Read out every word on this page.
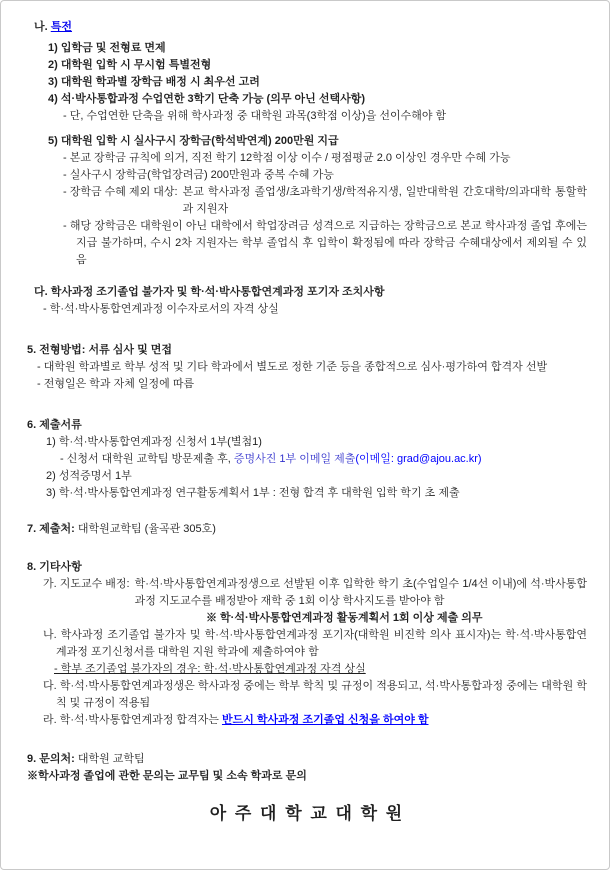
나. 특전
1) 입학금 및 전형료 면제
2) 대학원 입학 시 무시험 특별전형
3) 대학원 학과별 장학금 배정 시 최우선 고려
4) 석·박사통합과정 수업연한 3학기 단축 가능 (의무 아닌 선택사항)
- 단, 수업연한 단축을 위해 학사과정 중 대학원 과목(3학점 이상)을 선이수해야 함
5) 대학원 입학 시 실사구시 장학금(학석박연계) 200만원 지급
- 본교 장학금 규칙에 의거, 직전 학기 12학점 이상 이수 / 평점평균 2.0 이상인 경우만 수혜 가능
- 실사구시 장학금(학업장려금) 200만원과 중복 수혜 가능
- 장학금 수혜 제외 대상: 본교 학사과정 졸업생/초과학기생/학적유지생, 일반대학원 간호대학/의과대학 통할학과 지원자
- 해당 장학금은 대학원이 아닌 대학에서 학업장려금 성격으로 지급하는 장학금으로 본교 학사과정 졸업 후에는 지급 불가하며, 수시 2차 지원자는 학부 졸업식 후 입학이 확정됨에 따라 장학금 수혜대상에서 제외될 수 있음
다. 학사과정 조기졸업 불가자 및 학·석·박사통합연계과정 포기자 조치사항
- 학·석·박사통합연계과정 이수자로서의 자격 상실
5. 전형방법: 서류 심사 및 면접
- 대학원 학과별로 학부 성적 및 기타 학과에서 별도로 정한 기준 등을 종합적으로 심사·평가하여 합격자 선발
- 전형일은 학과 자체 일정에 따름
6. 제출서류
1) 학·석·박사통합연계과정 신청서 1부(별첨1)
- 신청서 대학원 교학팀 방문제출 후, 증명사진 1부 이메일 제출(이메일: grad@ajou.ac.kr)
2) 성적증명서 1부
3) 학·석·박사통합연계과정 연구활동계획서 1부 : 전형 합격 후 대학원 입학 학기 초 제출
7. 제출처: 대학원교학팀 (율곡관 305호)
8. 기타사항
가. 지도교수 배정: 학·석·박사통합연계과정생으로 선발된 이후 입학한 학기 초(수업일수 1/4선 이내)에 석·박사통합과정 지도교수를 배정받아 재학 중 1회 이상 학사지도를 받아야 함
※ 학·석·박사통합연계과정 활동계획서 1회 이상 제출 의무
나. 학사과정 조기졸업 불가자 및 학·석·박사통합연계과정 포기자(대학원 비진학 의사 표시자)는 학·석·박사통합연계과정 포기신청서를 대학원 지원 학과에 제출하여야 함
- 학부 조기졸업 불가자의 경우: 학·석·박사통합연계과정 자격 상실
다. 학·석·박사통합연계과정생은 학사과정 중에는 학부 학칙 및 규정이 적용되고, 석·박사통합과정 중에는 대학원 학칙 및 규정이 적용됨
라. 학·석·박사통합연계과정 합격자는 반드시 학사과정 조기졸업 신청을 하여야 함
9. 문의처: 대학원 교학팀
※학사과정 졸업에 관한 문의는 교무팀 및 소속 학과로 문의
아 주 대 학 교 대 학 원
